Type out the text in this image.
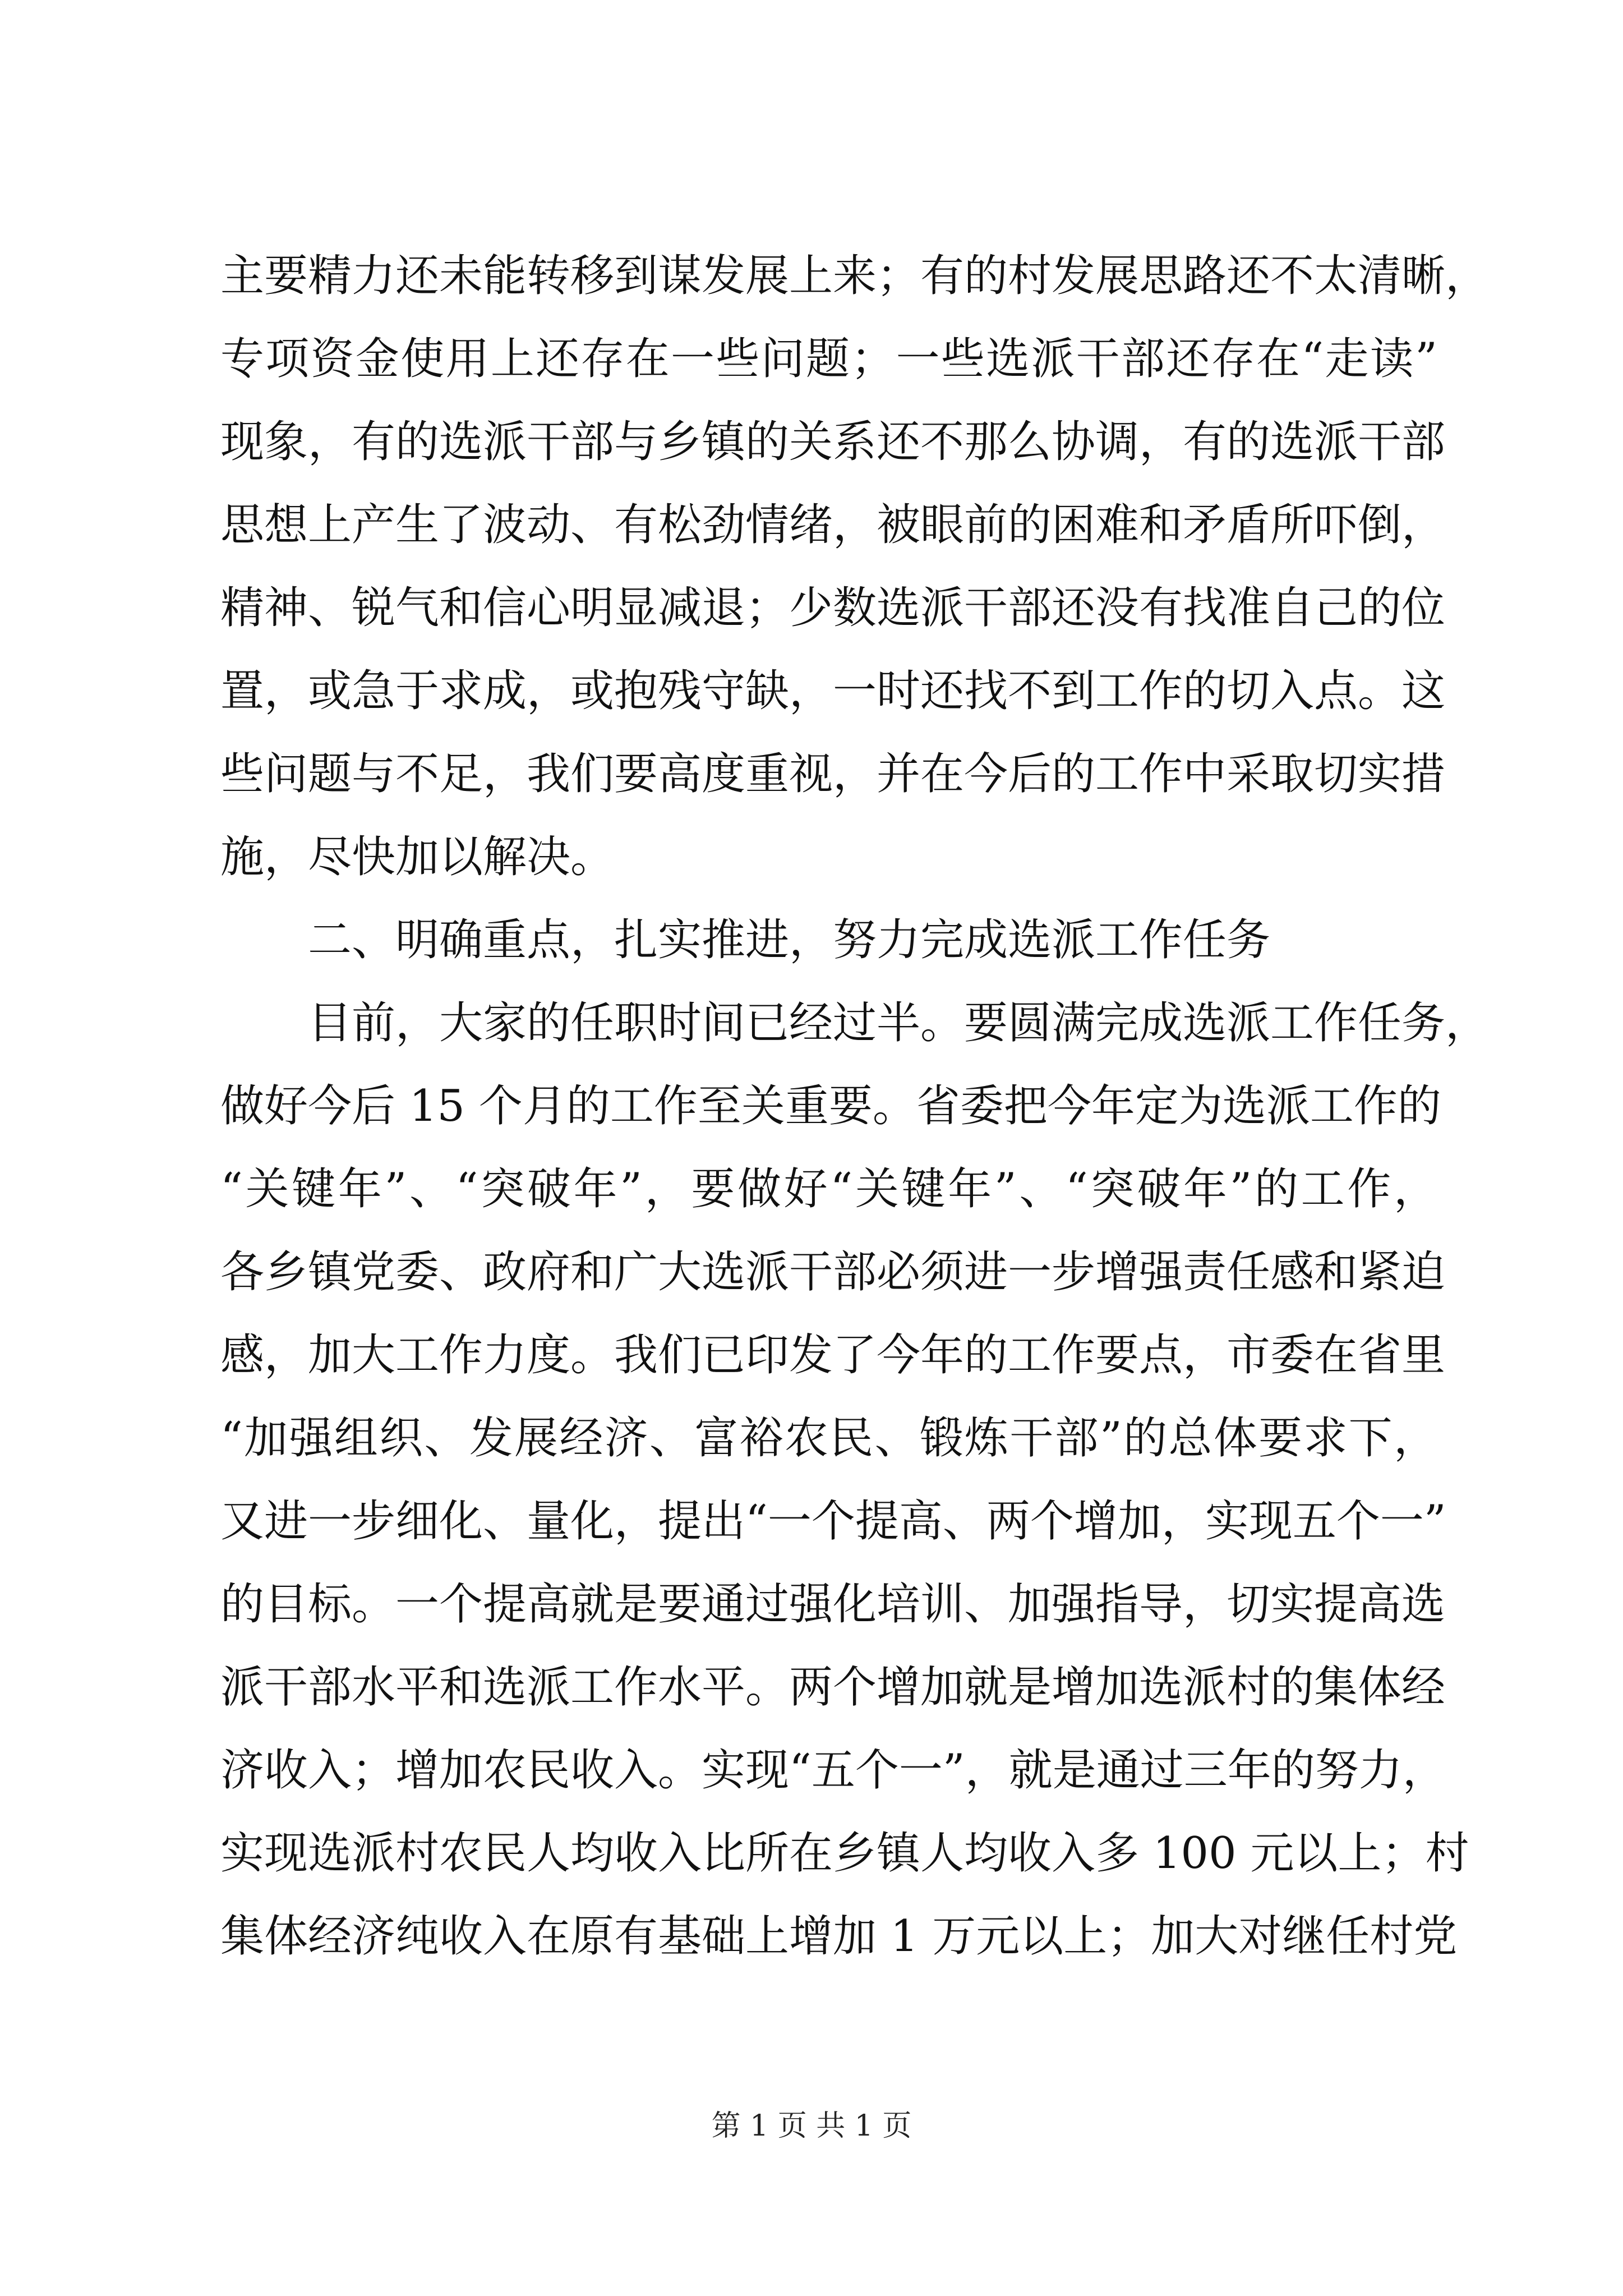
主要精力还未能转移到谋发展上来；有的村发展思路还不太清晰，
专项资金使用上还存在一些问题；一些选派干部还存在“走读”
现象，有的选派干部与乡镇的关系还不那么协调，有的选派干部
思想上产生了波动、有松劲情绪，被眼前的困难和矛盾所吓倒，
精神、锐气和信心明显减退；少数选派干部还没有找准自己的位
置，或急于求成，或抱残守缺，一时还找不到工作的切入点。这
些问题与不足，我们要高度重视，并在今后的工作中采取切实措
施，尽快加以解决。
二、明确重点，扎实推进，努力完成选派工作任务
目前，大家的任职时间已经过半。要圆满完成选派工作任务，
做好今后 15 个月的工作至关重要。省委把今年定为选派工作的
“关键年”、“突破年”，要做好“关键年”、“突破年”的工作，
各乡镇党委、政府和广大选派干部必须进一步增强责任感和紧迫
感，加大工作力度。我们已印发了今年的工作要点，市委在省里
“加强组织、发展经济、富裕农民、锻炼干部”的总体要求下，
又进一步细化、量化，提出“一个提高、两个增加，实现五个一”
的目标。一个提高就是要通过强化培训、加强指导，切实提高选
派干部水平和选派工作水平。两个增加就是增加选派村的集体经
济收入；增加农民收入。实现“五个一”，就是通过三年的努力，
实现选派村农民人均收入比所在乡镇人均收入多 100 元以上；村
集体经济纯收入在原有基础上增加 1 万元以上；加大对继任村党
第 1 页 共 1 页
